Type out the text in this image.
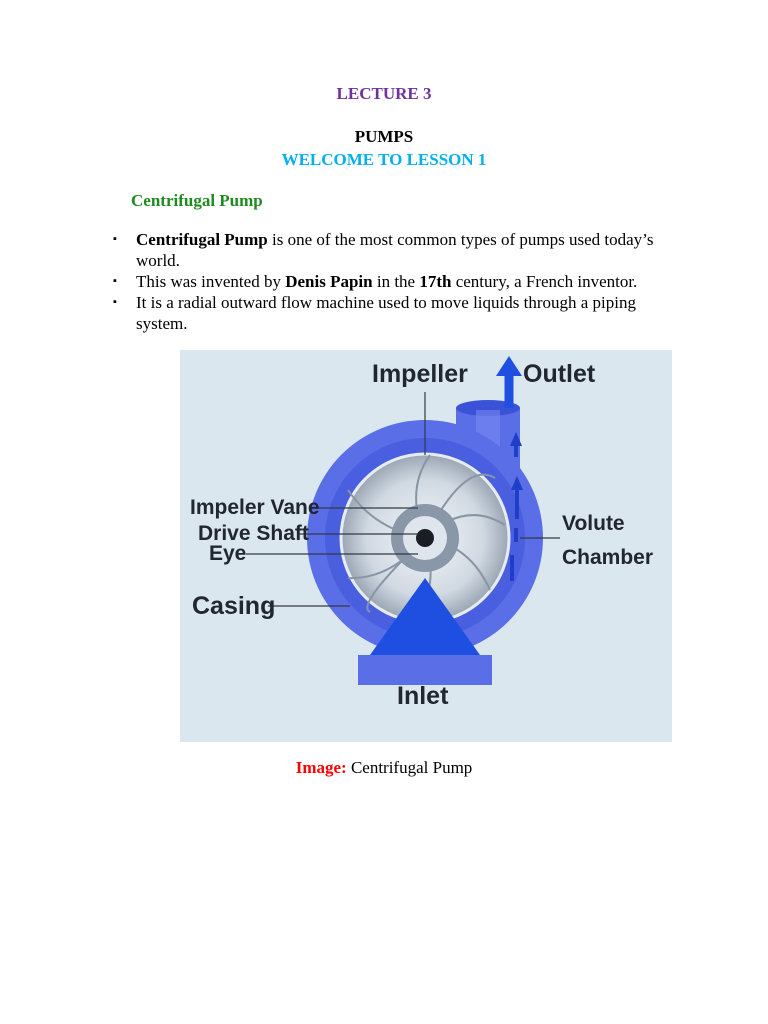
LECTURE 3
PUMPS
WELCOME TO LESSON 1
Centrifugal Pump
▪ Centrifugal Pump is one of the most common types of pumps used today’s world.
▪ This was invented by Denis Papin in the 17th century, a French inventor.
▪ It is a radial outward flow machine used to move liquids through a piping system.
Impeller Outlet
Impeler Vane
Drive Shaft
Eye
Casing
Volute
Chamber
Inlet
Image: Centrifugal Pump
